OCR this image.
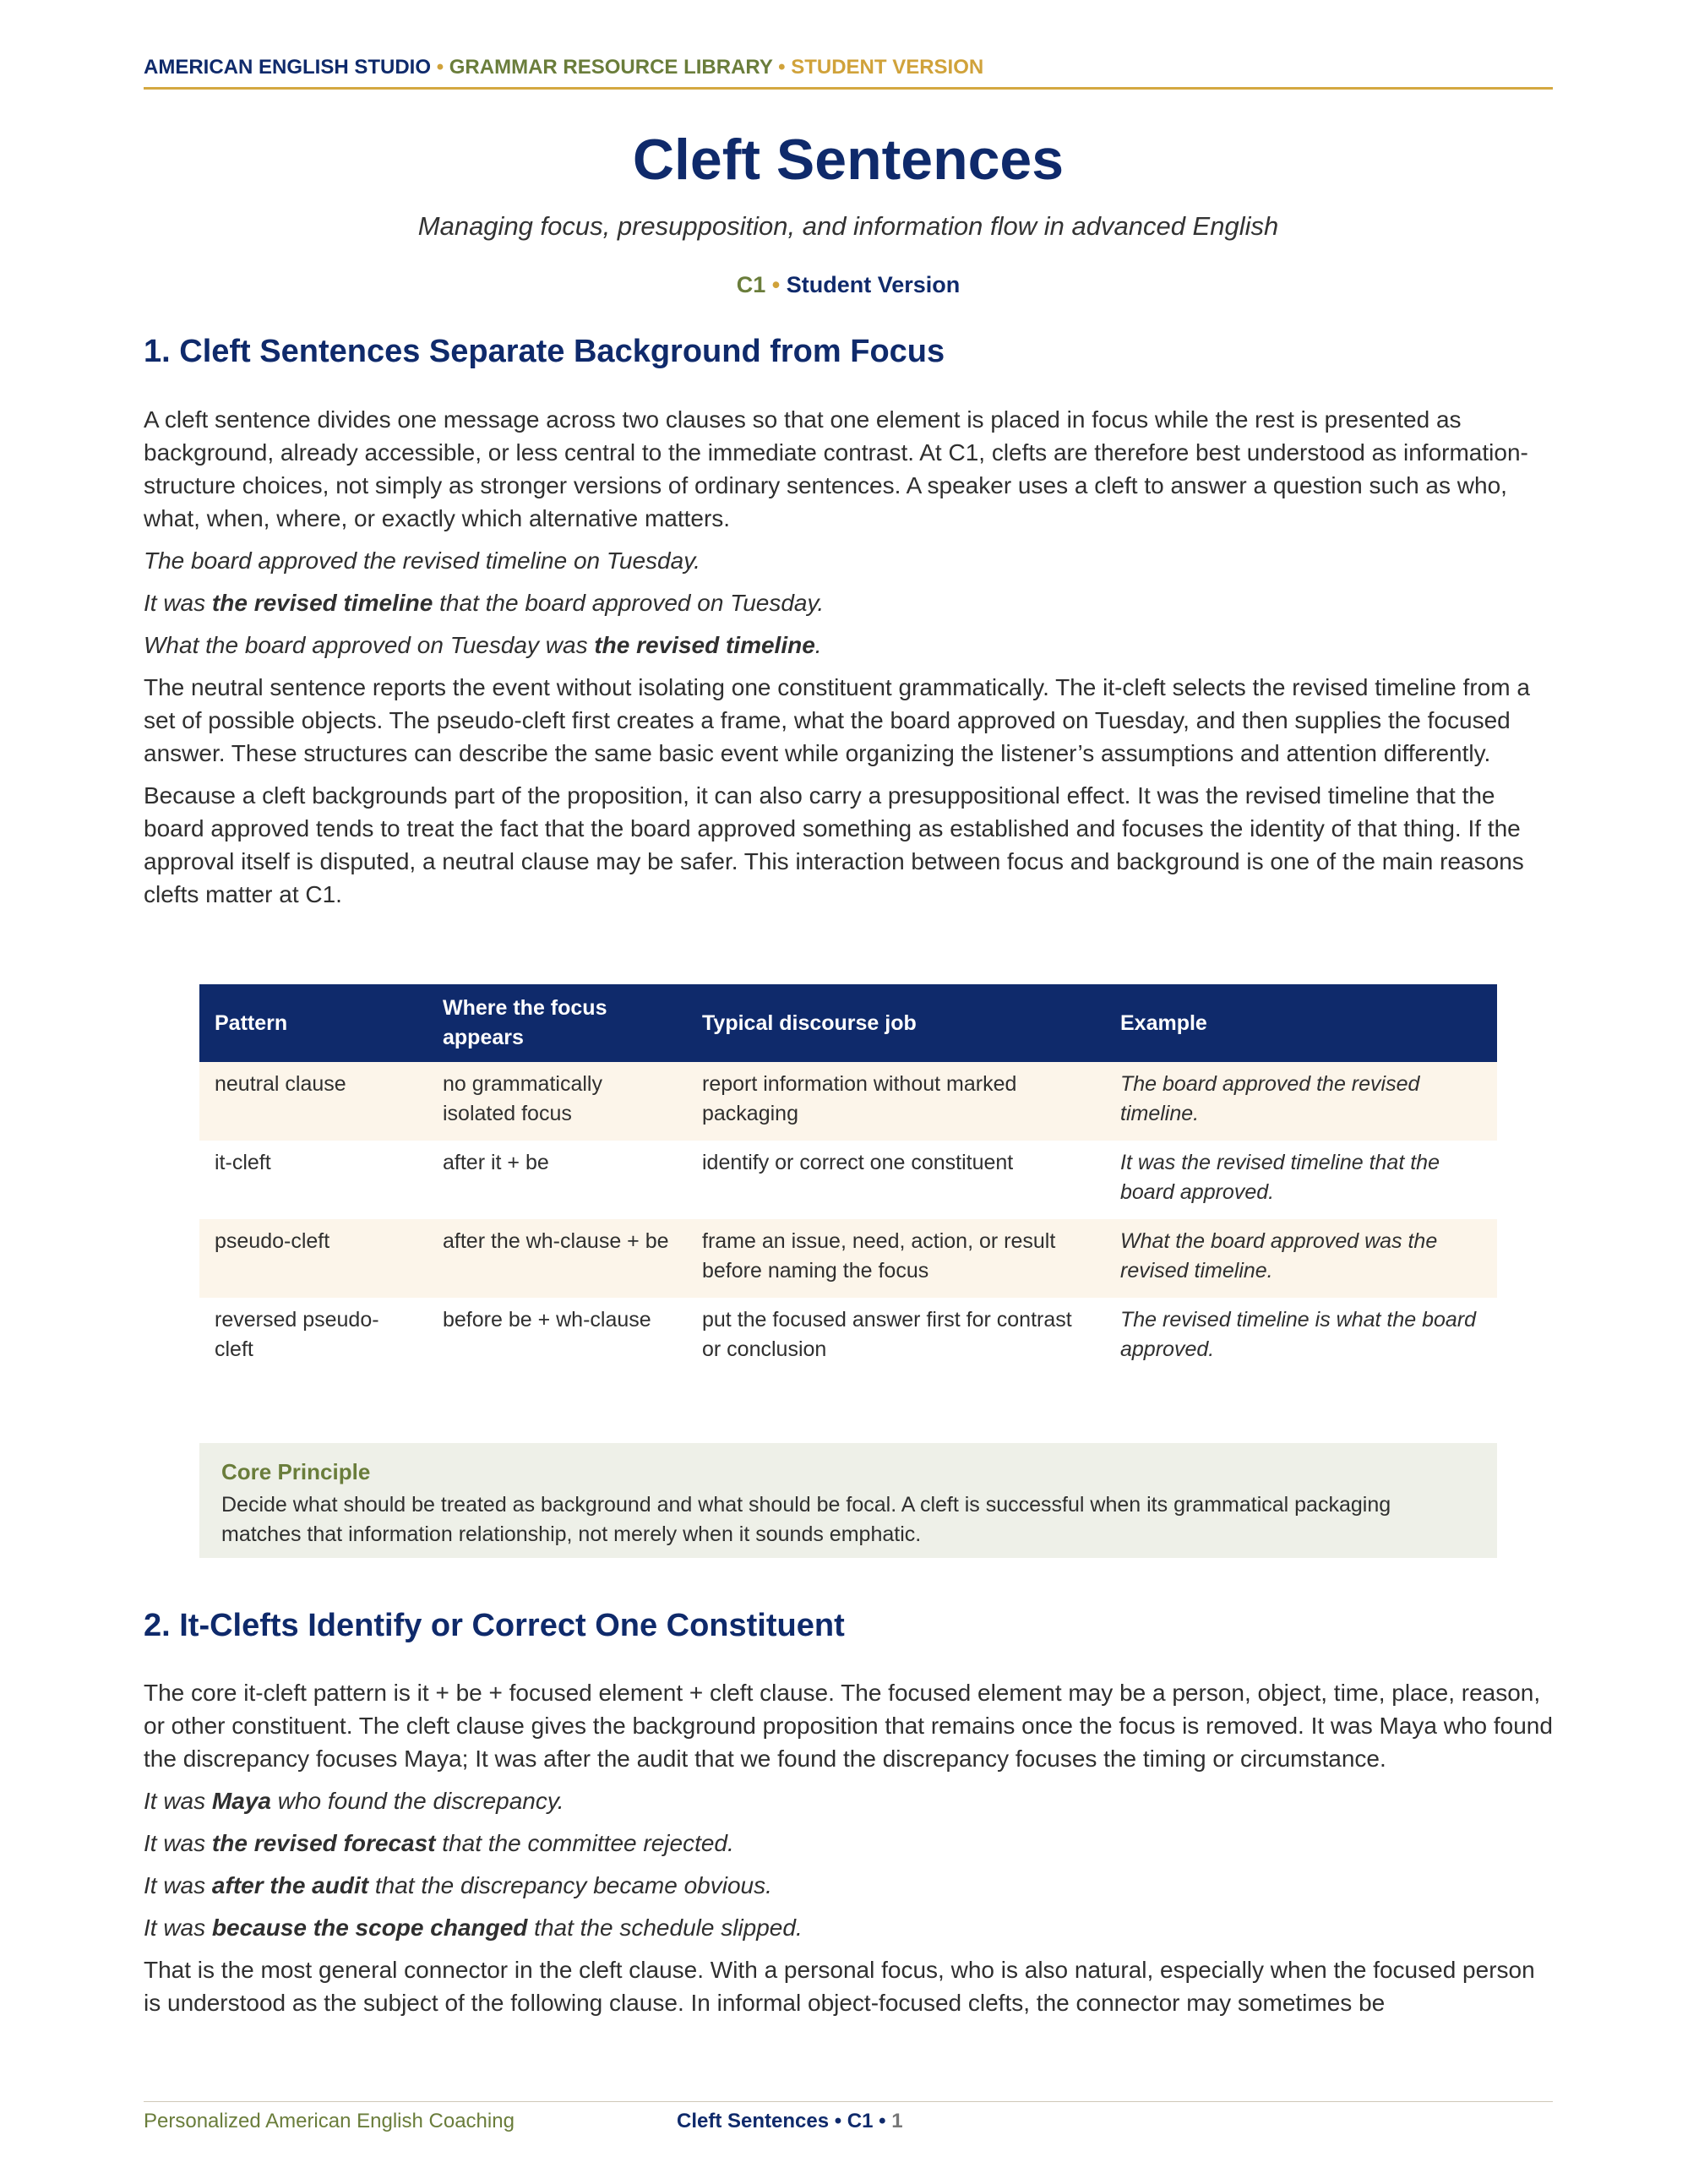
AMERICAN ENGLISH STUDIO • GRAMMAR RESOURCE LIBRARY • STUDENT VERSION
Cleft Sentences
Managing focus, presupposition, and information flow in advanced English
C1 • Student Version
1. Cleft Sentences Separate Background from Focus

A cleft sentence divides one message across two clauses so that one element is placed in focus while the rest is presented as background, already accessible, or less central to the immediate contrast. At C1, clefts are therefore best understood as information-structure choices, not simply as stronger versions of ordinary sentences. A speaker uses a cleft to answer a question such as who, what, when, where, or exactly which alternative matters.

The board approved the revised timeline on Tuesday.

It was the revised timeline that the board approved on Tuesday.

What the board approved on Tuesday was the revised timeline.

The neutral sentence reports the event without isolating one constituent grammatically. The it-cleft selects the revised timeline from a set of possible objects. The pseudo-cleft first creates a frame, what the board approved on Tuesday, and then supplies the focused answer. These structures can describe the same basic event while organizing the listener’s assumptions and attention differently.

Because a cleft backgrounds part of the proposition, it can also carry a presuppositional effect. It was the revised timeline that the board approved tends to treat the fact that the board approved something as established and focuses the identity of that thing. If the approval itself is disputed, a neutral clause may be safer. This interaction between focus and background is one of the main reasons clefts matter at C1.

Pattern	Where the focus appears	Typical discourse job	Example
neutral clause	no grammatically isolated focus	report information without marked packaging	The board approved the revised timeline.
it-cleft	after it + be	identify or correct one constituent	It was the revised timeline that the board approved.
pseudo-cleft	after the wh-clause + be	frame an issue, need, action, or result before naming the focus	What the board approved was the revised timeline.
reversed pseudo-cleft	before be + wh-clause	put the focused answer first for contrast or conclusion	The revised timeline is what the board approved.
Core Principle
Decide what should be treated as background and what should be focal. A cleft is successful when its grammatical packaging matches that information relationship, not merely when it sounds emphatic.
2. It-Clefts Identify or Correct One Constituent

The core it-cleft pattern is it + be + focused element + cleft clause. The focused element may be a person, object, time, place, reason, or other constituent. The cleft clause gives the background proposition that remains once the focus is removed. It was Maya who found the discrepancy focuses Maya; It was after the audit that we found the discrepancy focuses the timing or circumstance.

It was Maya who found the discrepancy.

It was the revised forecast that the committee rejected.

It was after the audit that the discrepancy became obvious.

It was because the scope changed that the schedule slipped.

That is the most general connector in the cleft clause. With a personal focus, who is also natural, especially when the focused person is understood as the subject of the following clause. In informal object-focused clefts, the connector may sometimes be

Personalized American English Coaching	Cleft Sentences • C1 • 1
